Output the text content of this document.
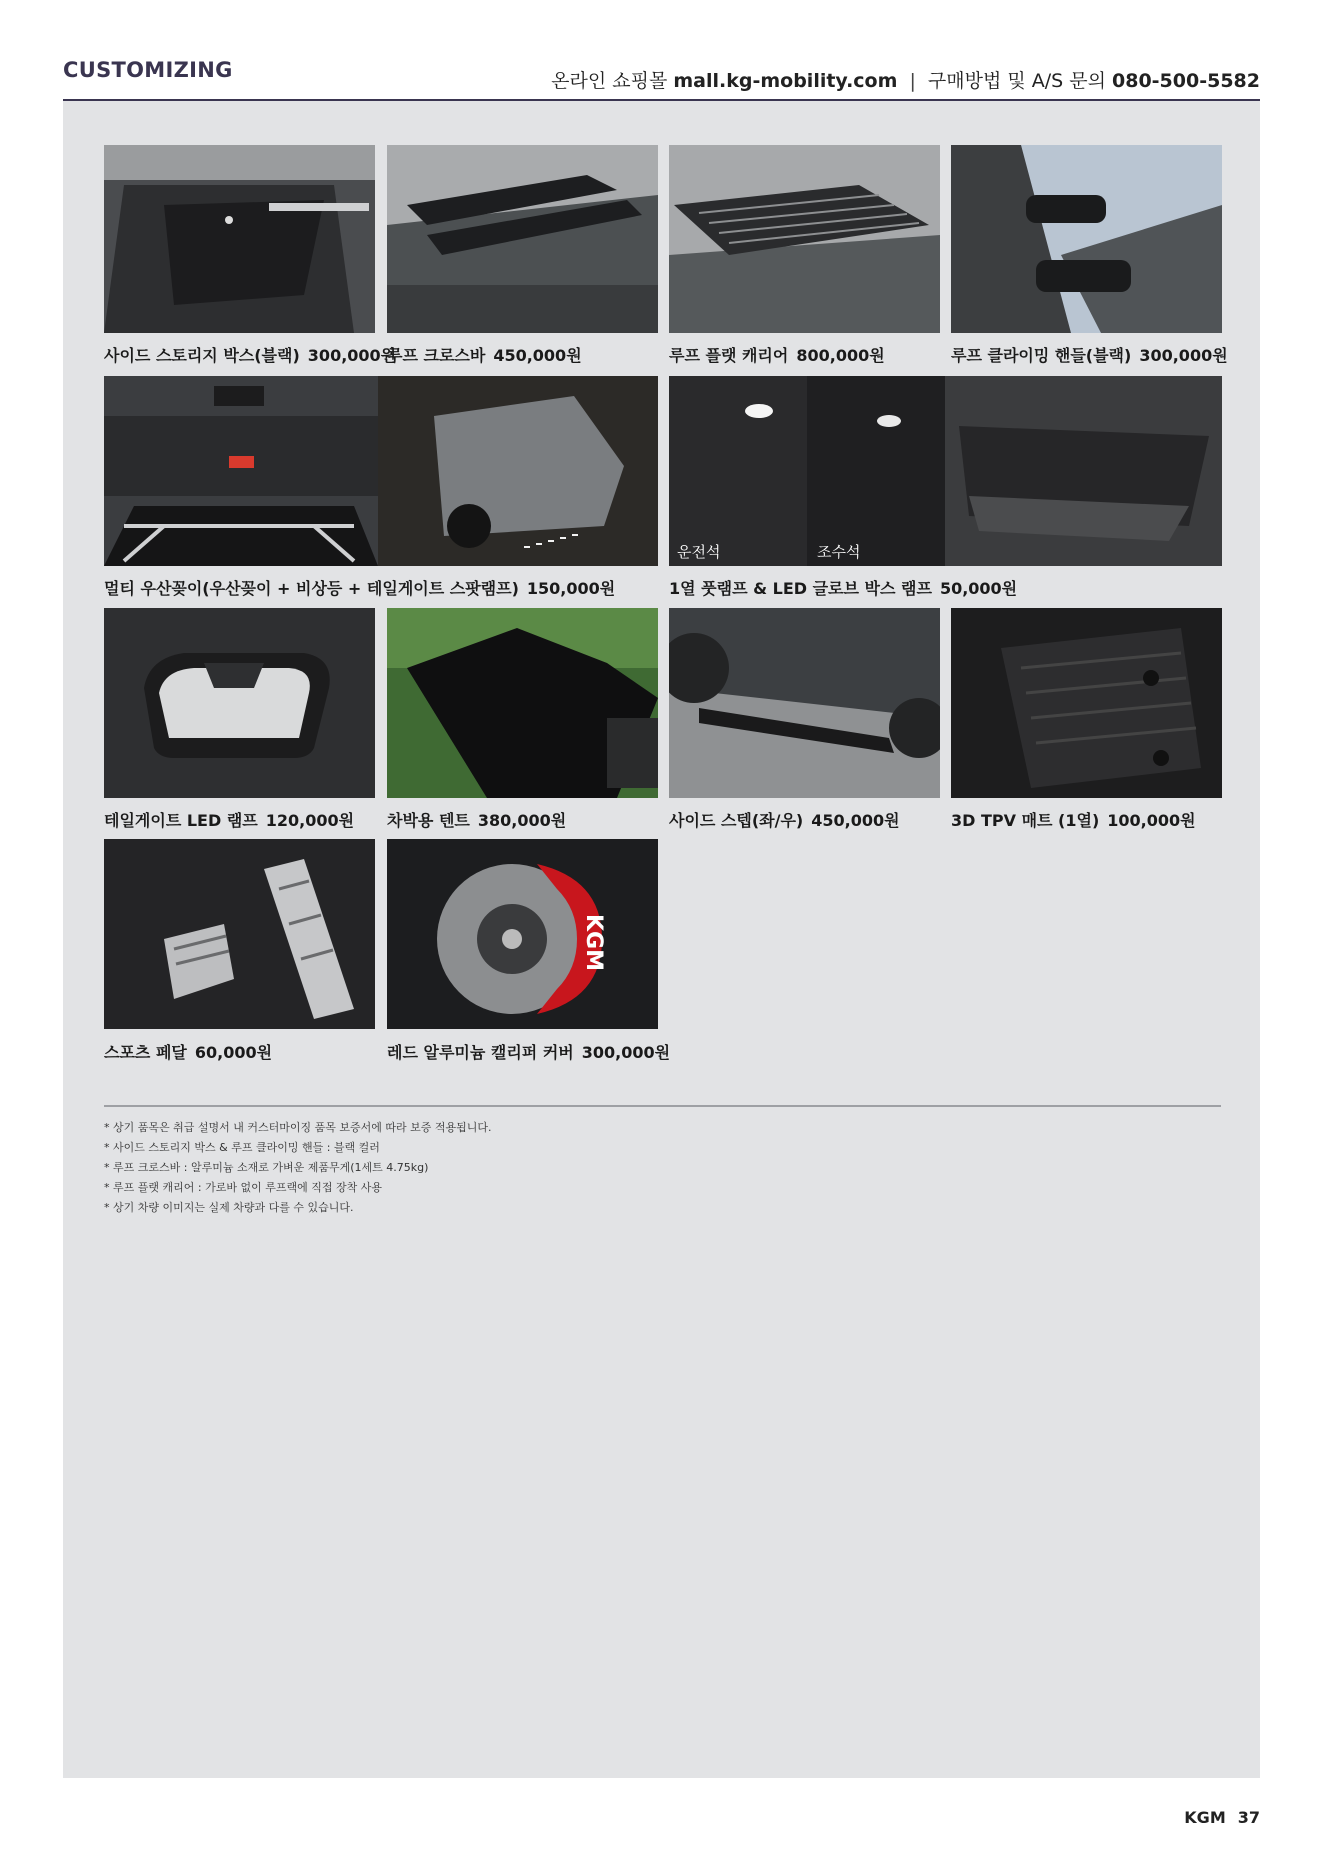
CUSTOMIZING	온라인 쇼핑몰 mall.kg-mobility.com | 구매방법 및 A/S 문의 080-500-5582
사이드 스토리지 박스(블랙) 300,000원
루프 크로스바 450,000원	루프 플랫 캐리어 800,000원	루프 클라이밍 핸들(블랙) 300,000원
운전석	조수석
멀티 우산꽂이(우산꽂이 + 비상등 + 테일게이트 스팟램프) 150,000원	1열 풋램프 & LED 글로브 박스 램프 50,000원
테일게이트 LED 램프 120,000원 차박용 텐트 380,000원	사이드 스텝(좌/우) 450,000원	3D TPV 매트 (1열) 100,000원
KGM
스포츠 페달 60,000원	레드 알루미늄 캘리퍼 커버 300,000원
* 상기 품목은 취급 설명서 내 커스터마이징 품목 보증서에 따라 보증 적용됩니다.
* 사이드 스토리지 박스 & 루프 클라이밍 핸들 : 블랙 컬러
* 루프 크로스바 : 알루미늄 소재로 가벼운 제품무게(1세트 4.75kg)
* 루프 플랫 캐리어 : 가로바 없이 루프랙에 직접 장착 사용
* 상기 차량 이미지는 실제 차량과 다를 수 있습니다.
KGM 37
